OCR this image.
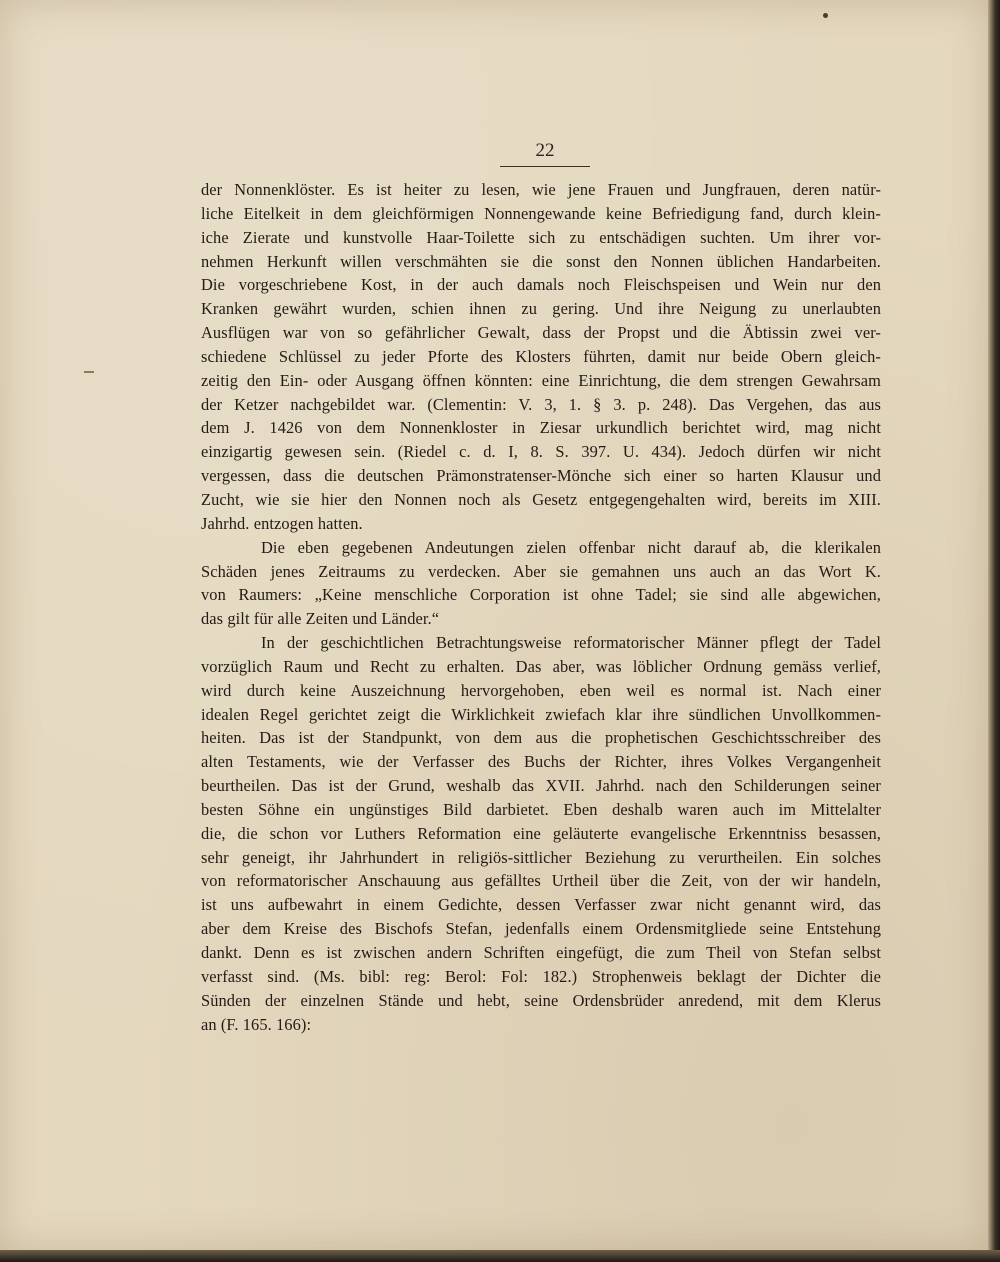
22
der Nonnenklöster. Es ist heiter zu lesen, wie jene Frauen und Jungfrauen, deren natür-
liche Eitelkeit in dem gleichförmigen Nonnengewande keine Befriedigung fand, durch klein-
iche Zierate und kunstvolle Haar-Toilette sich zu entschädigen suchten. Um ihrer vor-
nehmen Herkunft willen verschmähten sie die sonst den Nonnen üblichen Handarbeiten.
Die vorgeschriebene Kost, in der auch damals noch Fleischspeisen und Wein nur den
Kranken gewährt wurden, schien ihnen zu gering. Und ihre Neigung zu unerlaubten
Ausflügen war von so gefährlicher Gewalt, dass der Propst und die Äbtissin zwei ver-
schiedene Schlüssel zu jeder Pforte des Klosters führten, damit nur beide Obern gleich-
zeitig den Ein- oder Ausgang öffnen könnten: eine Einrichtung, die dem strengen Gewahrsam
der Ketzer nachgebildet war. (Clementin: V. 3, 1. § 3. p. 248). Das Vergehen, das aus
dem J. 1426 von dem Nonnenkloster in Ziesar urkundlich berichtet wird, mag nicht
einzigartig gewesen sein. (Riedel c. d. I, 8. S. 397. U. 434). Jedoch dürfen wir nicht
vergessen, dass die deutschen Prämonstratenser-Mönche sich einer so harten Klausur und
Zucht, wie sie hier den Nonnen noch als Gesetz entgegengehalten wird, bereits im XIII.
Jahrhd. entzogen hatten.
Die eben gegebenen Andeutungen zielen offenbar nicht darauf ab, die klerikalen
Schäden jenes Zeitraums zu verdecken. Aber sie gemahnen uns auch an das Wort K.
von Raumers: „Keine menschliche Corporation ist ohne Tadel; sie sind alle abgewichen,
das gilt für alle Zeiten und Länder.“
In der geschichtlichen Betrachtungsweise reformatorischer Männer pflegt der Tadel
vorzüglich Raum und Recht zu erhalten. Das aber, was löblicher Ordnung gemäss verlief,
wird durch keine Auszeichnung hervorgehoben, eben weil es normal ist. Nach einer
idealen Regel gerichtet zeigt die Wirklichkeit zwiefach klar ihre sündlichen Unvollkommen-
heiten. Das ist der Standpunkt, von dem aus die prophetischen Geschichtsschreiber des
alten Testaments, wie der Verfasser des Buchs der Richter, ihres Volkes Vergangenheit
beurtheilen. Das ist der Grund, weshalb das XVII. Jahrhd. nach den Schilderungen seiner
besten Söhne ein ungünstiges Bild darbietet. Eben deshalb waren auch im Mittelalter
die, die schon vor Luthers Reformation eine geläuterte evangelische Erkenntniss besassen,
sehr geneigt, ihr Jahrhundert in religiös-sittlicher Beziehung zu verurtheilen. Ein solches
von reformatorischer Anschauung aus gefälltes Urtheil über die Zeit, von der wir handeln,
ist uns aufbewahrt in einem Gedichte, dessen Verfasser zwar nicht genannt wird, das
aber dem Kreise des Bischofs Stefan, jedenfalls einem Ordensmitgliede seine Entstehung
dankt. Denn es ist zwischen andern Schriften eingefügt, die zum Theil von Stefan selbst
verfasst sind. (Ms. bibl: reg: Berol: Fol: 182.) Strophenweis beklagt der Dichter die
Sünden der einzelnen Stände und hebt, seine Ordensbrüder anredend, mit dem Klerus
an (F. 165. 166):
